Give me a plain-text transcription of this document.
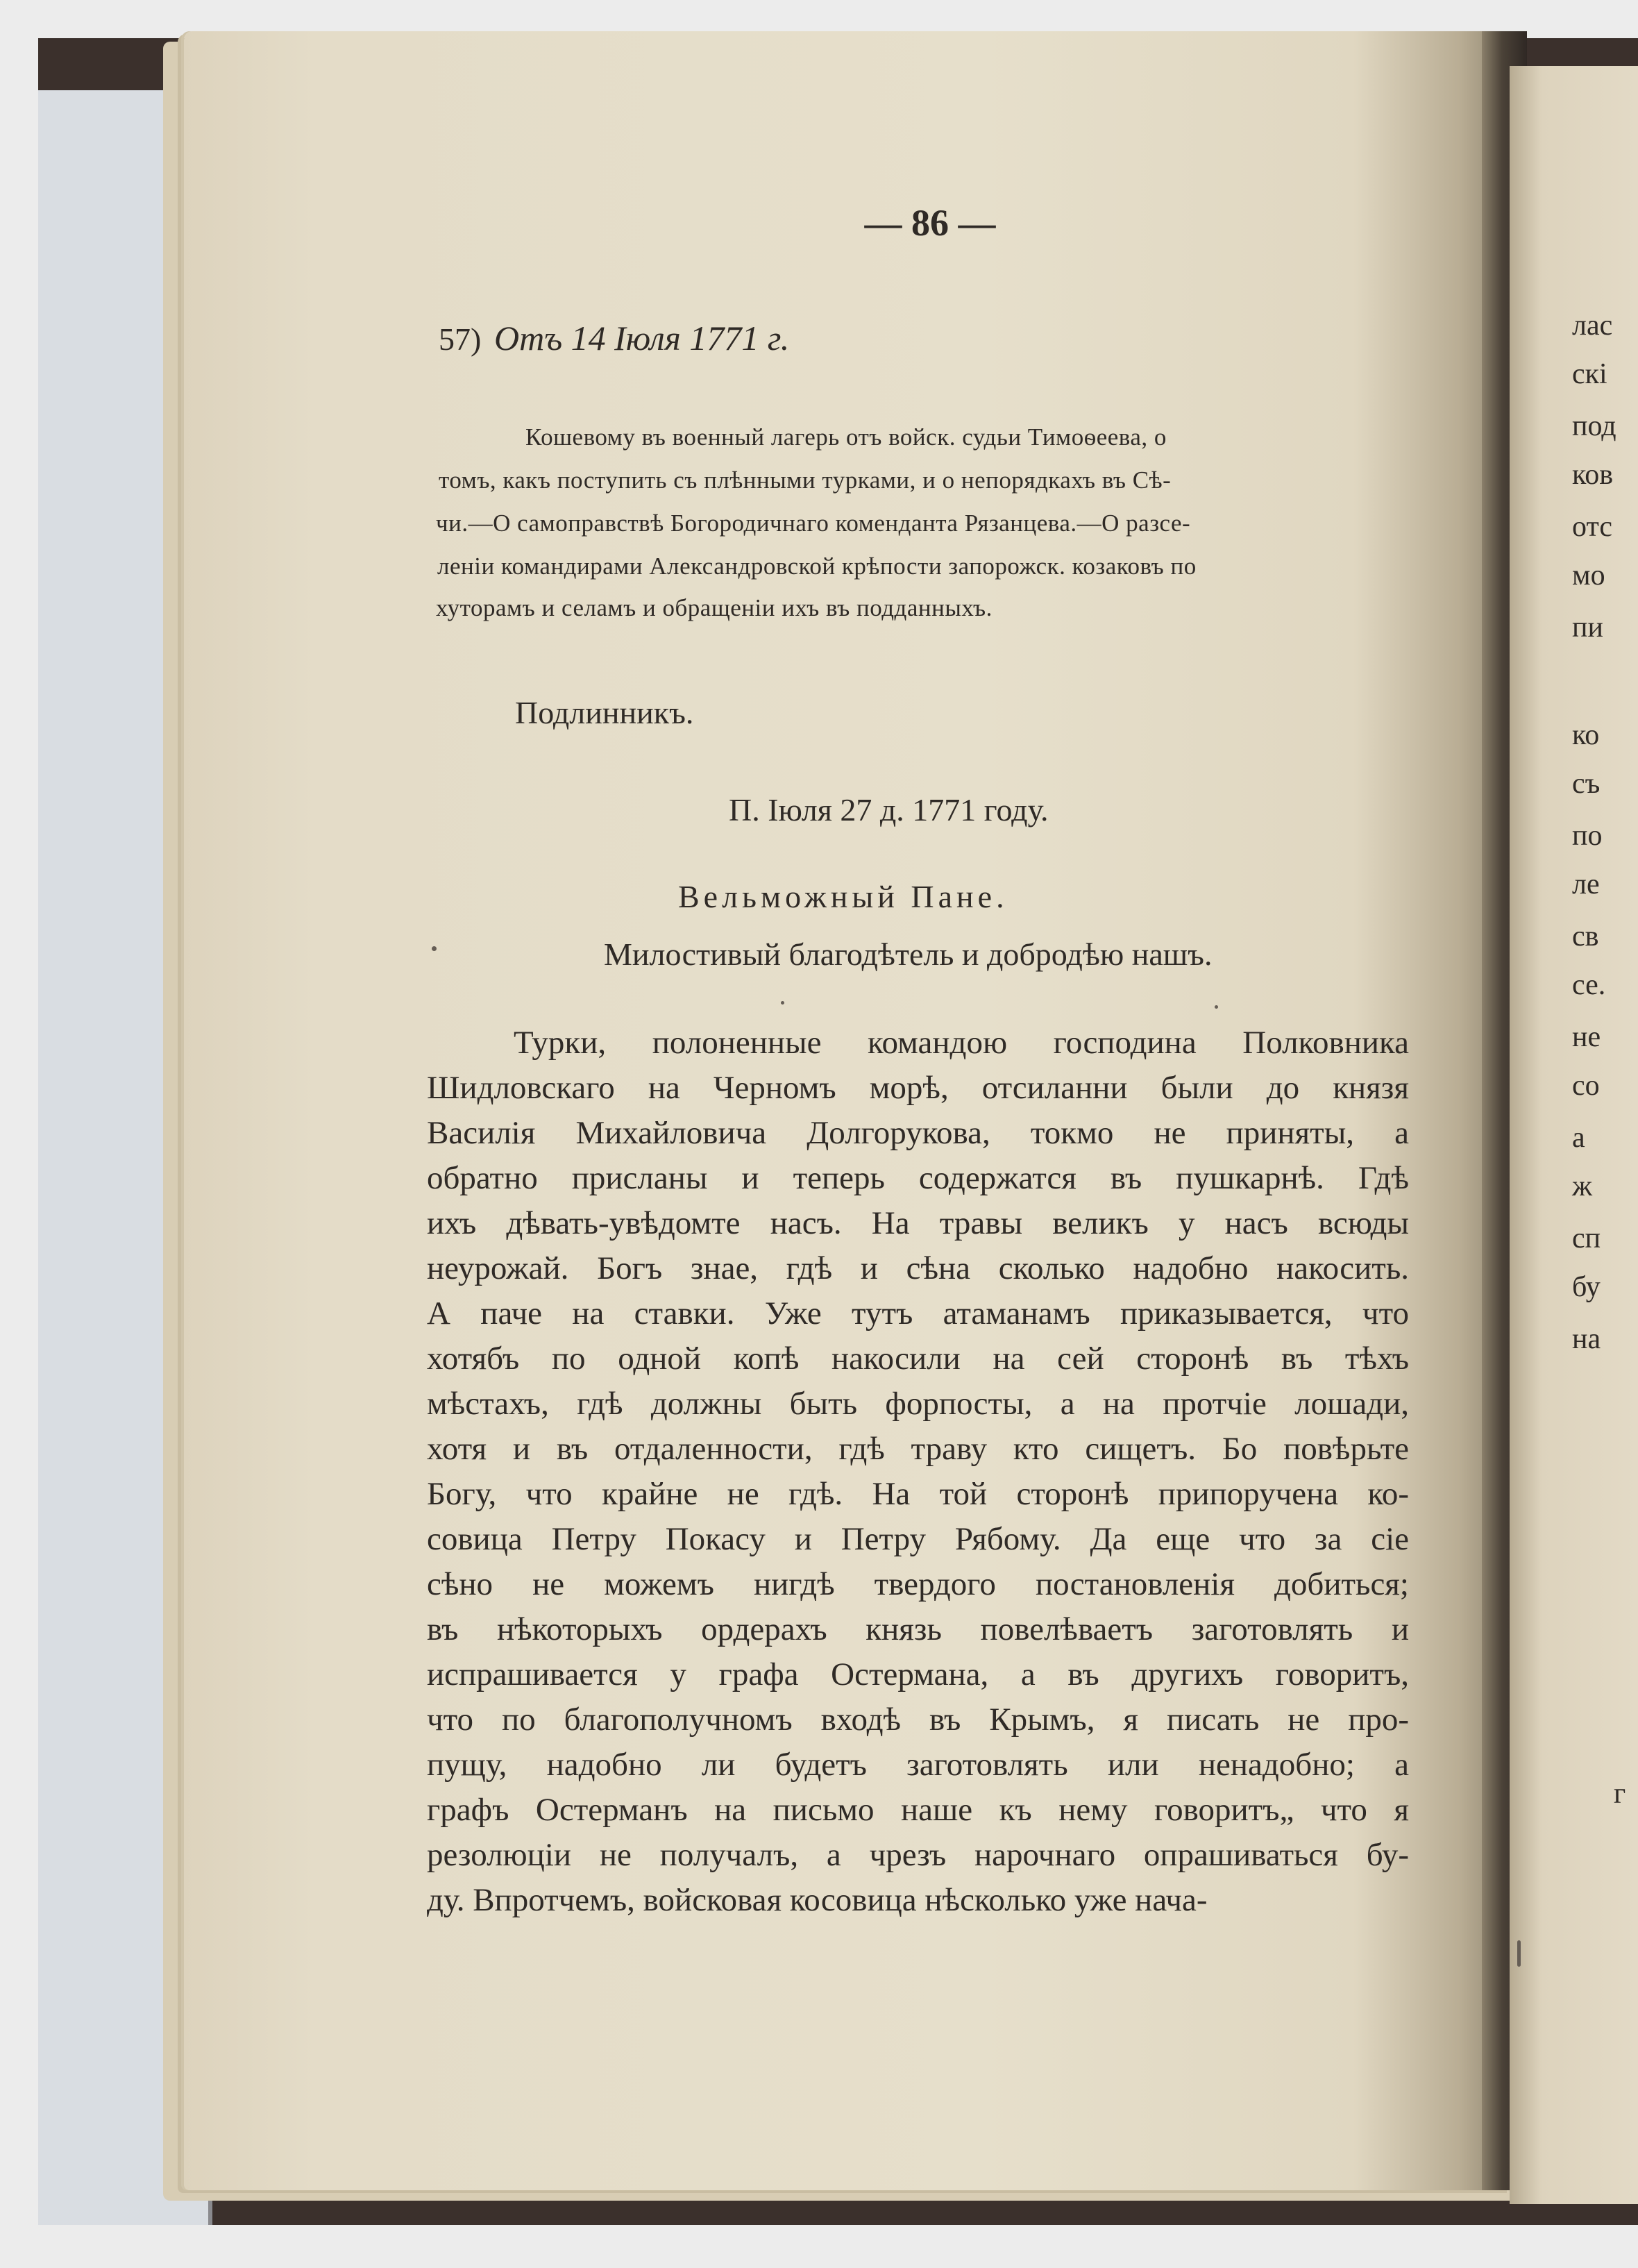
— 86 —
57) Отъ 14 Іюля 1771 г.
Кошевому въ военный лагерь отъ войск. судьи Тимоѳеева, о
томъ, какъ поступить съ плѣнными турками, и о непорядкахъ въ Сѣ-
чи.—О самоправствѣ Богородичнаго коменданта Рязанцева.—О разсе-
леніи командирами Александровской крѣпости запорожск. козаковъ по
хуторамъ и селамъ и обращеніи ихъ въ подданныхъ.
Подлинникъ.
П. Іюля 27 д. 1771 году.
Вельможный Пане.
Милостивый благодѣтель и добродѣю нашъ.
Турки, полоненные командою господина Полковника
Шидловскаго на Черномъ морѣ, отсиланни были до князя
Василія Михайловича Долгорукова, токмо не приняты, а
обратно присланы и теперь содержатся въ пушкарнѣ. Гдѣ
ихъ дѣвать-увѣдомте насъ. На травы великъ у насъ всюды
неурожай. Богъ знае, гдѣ и сѣна сколько надобно накосить.
А паче на ставки. Уже тутъ атаманамъ приказывается, что
хотябъ по одной копѣ накосили на сей сторонѣ въ тѣхъ
мѣстахъ, гдѣ должны быть форпосты, а на протчіе лошади,
хотя и въ отдаленности, гдѣ траву кто сищетъ. Бо повѣрьте
Богу, что крайне не гдѣ. На той сторонѣ припоручена ко-
совица Петру Покасу и Петру Рябому. Да еще что за сіе
сѣно не можемъ нигдѣ твердого постановленія добиться;
въ нѣкоторыхъ ордерахъ князь повелѣваетъ заготовлять и
испрашивается у графа Остермана, а въ другихъ говоритъ,
что по благополучномъ входѣ въ Крымъ, я писать не про-
пущу, надобно ли будетъ заготовлять или ненадобно; а
графъ Остерманъ на письмо наше къ нему говоритъ„ что я
резолюціи не получалъ, а чрезъ нарочнаго опрашиваться бу-
ду. Впротчемъ, войсковая косовица нѣсколько уже нача-
лас
скі
под
ков
отс
мо
пи
ко
съ
по
ле
св
се.
не
со
а
ж
сп
бу
на
г
